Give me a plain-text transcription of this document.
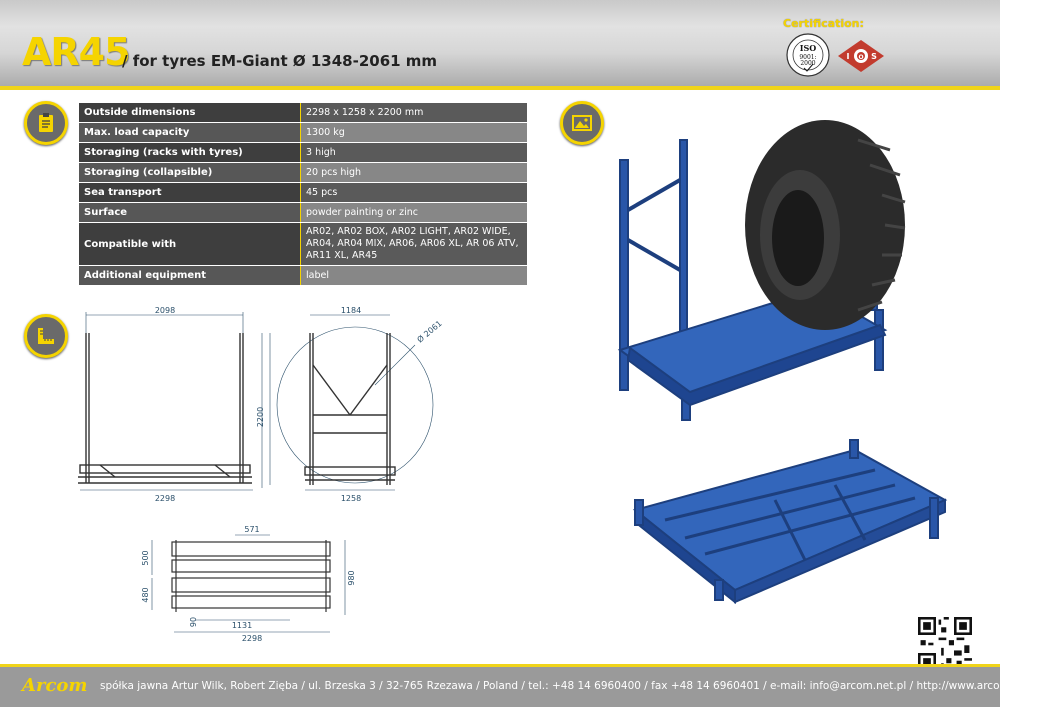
AR45
/ for tyres EM-Giant Ø 1348-2061 mm
Certification:
ISO
9001:
2000
I O S
Outside dimensions	2298 x 1258 x 2200 mm
Max. load capacity	1300 kg
Storaging (racks with tyres)	3 high
Storaging (collapsible)	20 pcs high
Sea transport	45 pcs
Surface	powder painting or zinc
Compatible with	AR02, AR02 BOX, AR02 LIGHT, AR02 WIDE, AR04, AR04 MIX, AR06, AR06 XL, AR 06 ATV, AR11 XL, AR45
Additional equipment	label
2098
2298
1184
1258
2200
Ø 2061
571
500
480
980
1131
90
2298
Arcom spółka jawna Artur Wilk, Robert Zięba / ul. Brzeska 3 / 32-765 Rzezawa / Poland / tel.: +48 14 6960400 / fax +48 14 6960401 / e-mail: info@arcom.net.pl / http://www.arcom.net.pl
